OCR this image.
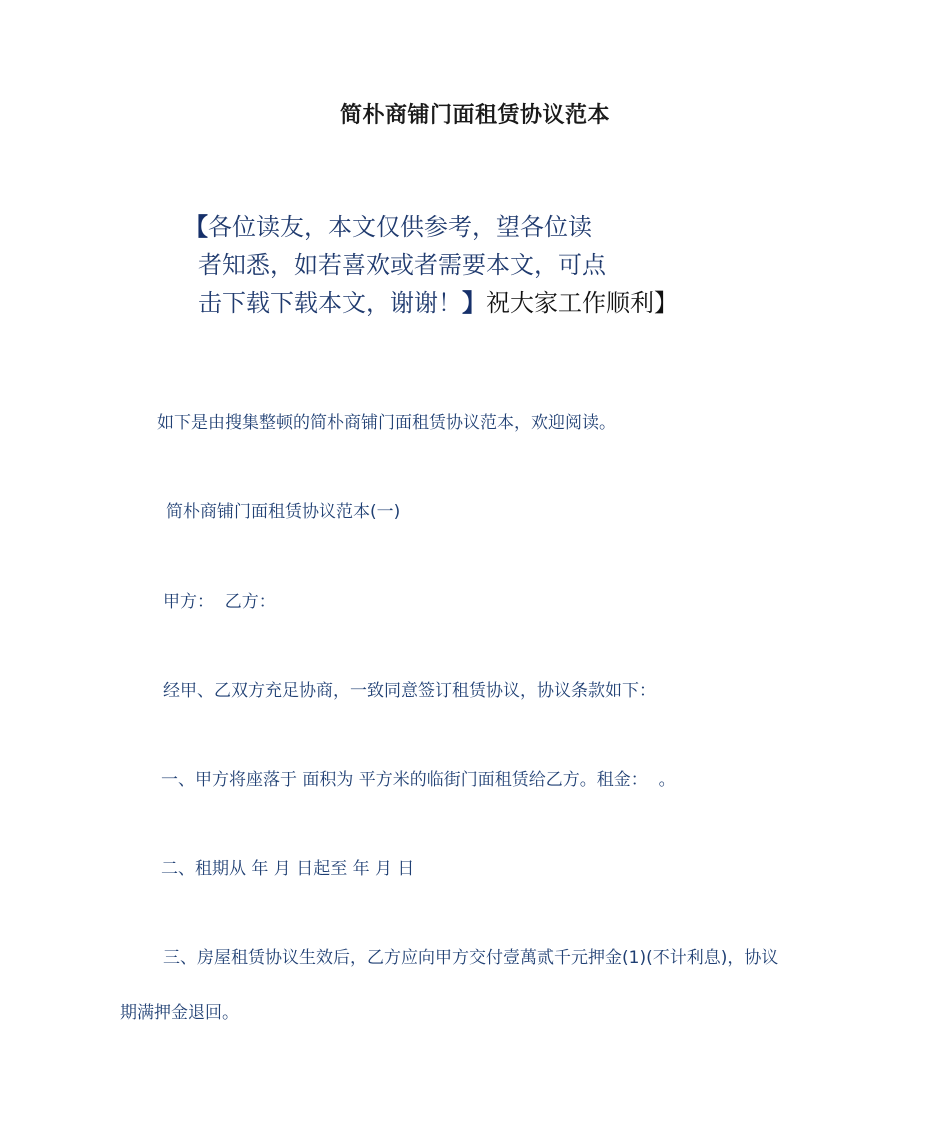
简朴商铺门面租赁协议范本
【各位读友，本文仅供参考，望各位读
者知悉，如若喜欢或者需要本文，可点
击下载下载本文，谢谢！】祝大家工作顺利】
如下是由搜集整顿的简朴商铺门面租赁协议范本，欢迎阅读。
简朴商铺门面租赁协议范本(一)
甲方：  乙方：
经甲、乙双方充足协商，一致同意签订租赁协议，协议条款如下：
一、甲方将座落于 面积为 平方米的临街门面租赁给乙方。租金：  。
二、租期从 年 月 日起至 年 月 日
三、房屋租赁协议生效后，乙方应向甲方交付壹萬贰千元押金(1)(不计利息)，协议
期满押金退回。
